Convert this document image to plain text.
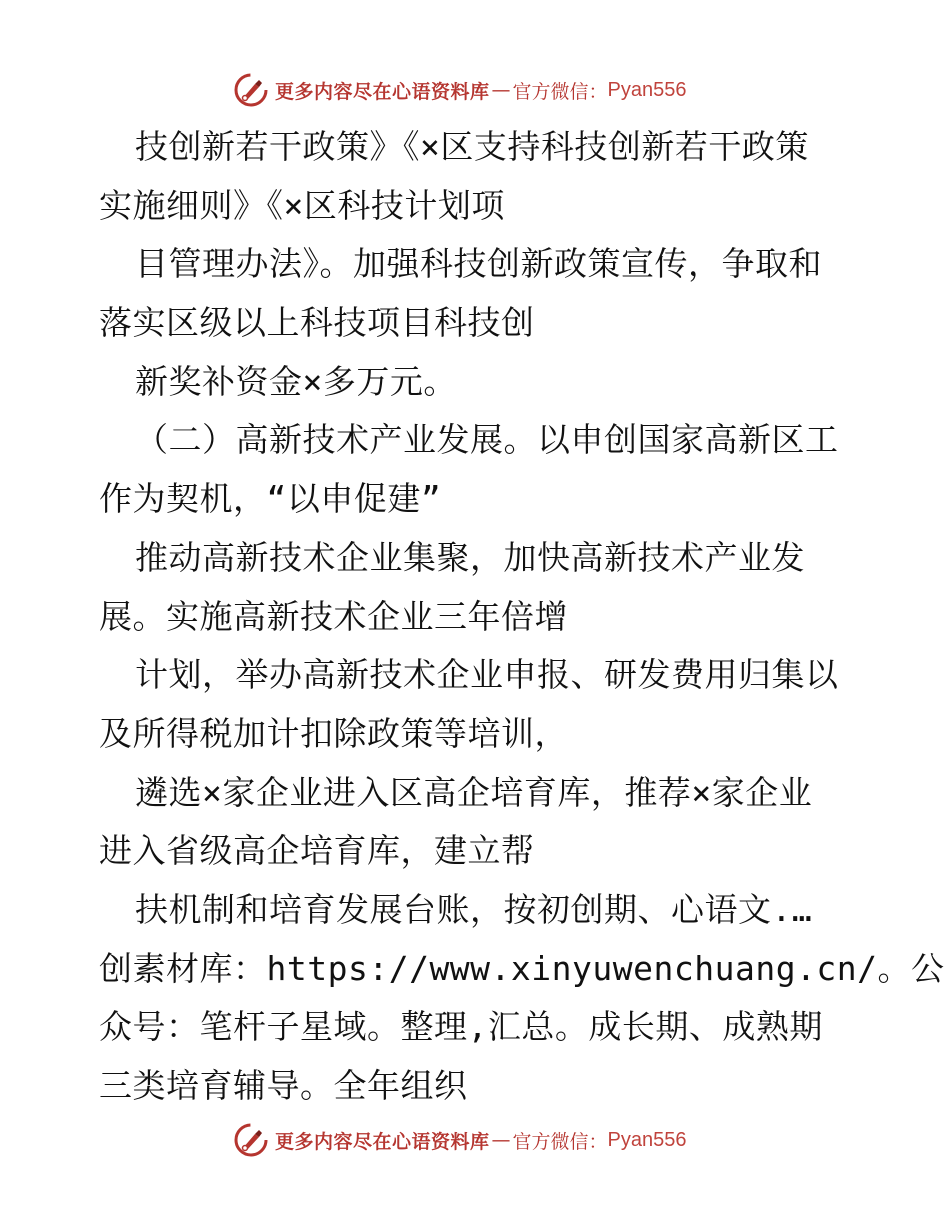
更多内容尽在心语资料库 — 官方微信： Pyan556
技创新若干政策》《×区支持科技创新若干政策
实施细则》《×区科技计划项
目管理办法》。加强科技创新政策宣传，争取和
落实区级以上科技项目科技创
新奖补资金×多万元。
（二）高新技术产业发展。以申创国家高新区工
作为契机，“以申促建”
推动高新技术企业集聚，加快高新技术产业发
展。实施高新技术企业三年倍增
计划，举办高新技术企业申报、研发费用归集以
及所得税加计扣除政策等培训，
遴选×家企业进入区高企培育库，推荐×家企业
进入省级高企培育库，建立帮
扶机制和培育发展台账，按初创期、心语文.…
创素材库：https://www.xinyuwenchuang.cn/。公
众号：笔杆子星域。整理,汇总。成长期、成熟期
三类培育辅导。全年组织
更多内容尽在心语资料库 — 官方微信： Pyan556
